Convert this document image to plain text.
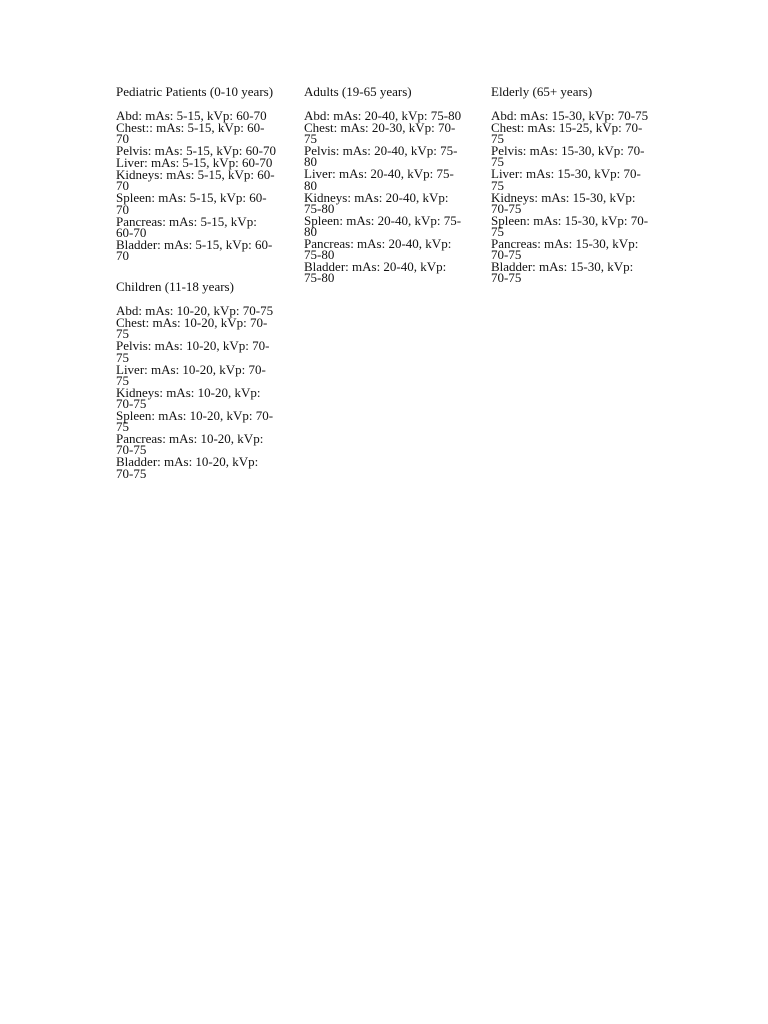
Pediatric Patients (0-10 years)
Abd: mAs: 5-15, kVp: 60-70
Chest:: mAs: 5-15, kVp: 60-70
Pelvis: mAs: 5-15, kVp: 60-70
Liver: mAs: 5-15, kVp: 60-70
Kidneys: mAs: 5-15, kVp: 60-70
Spleen: mAs: 5-15, kVp: 60-70
Pancreas: mAs: 5-15, kVp: 60-70
Bladder: mAs: 5-15, kVp: 60-70
Children (11-18 years)
Abd: mAs: 10-20, kVp: 70-75
Chest: mAs: 10-20, kVp: 70-75
Pelvis: mAs: 10-20, kVp: 70-75
Liver: mAs: 10-20, kVp: 70-75
Kidneys: mAs: 10-20, kVp: 70-75
Spleen: mAs: 10-20, kVp: 70-75
Pancreas: mAs: 10-20, kVp: 70-75
Bladder: mAs: 10-20, kVp: 70-75
Adults (19-65 years)
Abd: mAs: 20-40, kVp: 75-80
Chest: mAs: 20-30, kVp: 70-75
Pelvis: mAs: 20-40, kVp: 75-80
Liver: mAs: 20-40, kVp: 75-80
Kidneys: mAs: 20-40, kVp: 75-80
Spleen: mAs: 20-40, kVp: 75-80
Pancreas: mAs: 20-40, kVp: 75-80
Bladder: mAs: 20-40, kVp: 75-80
Elderly (65+ years)
Abd: mAs: 15-30, kVp: 70-75
Chest: mAs: 15-25, kVp: 70-75
Pelvis: mAs: 15-30, kVp: 70-75
Liver: mAs: 15-30, kVp: 70-75
Kidneys: mAs: 15-30, kVp: 70-75
Spleen: mAs: 15-30, kVp: 70-75
Pancreas: mAs: 15-30, kVp: 70-75
Bladder: mAs: 15-30, kVp: 70-75
